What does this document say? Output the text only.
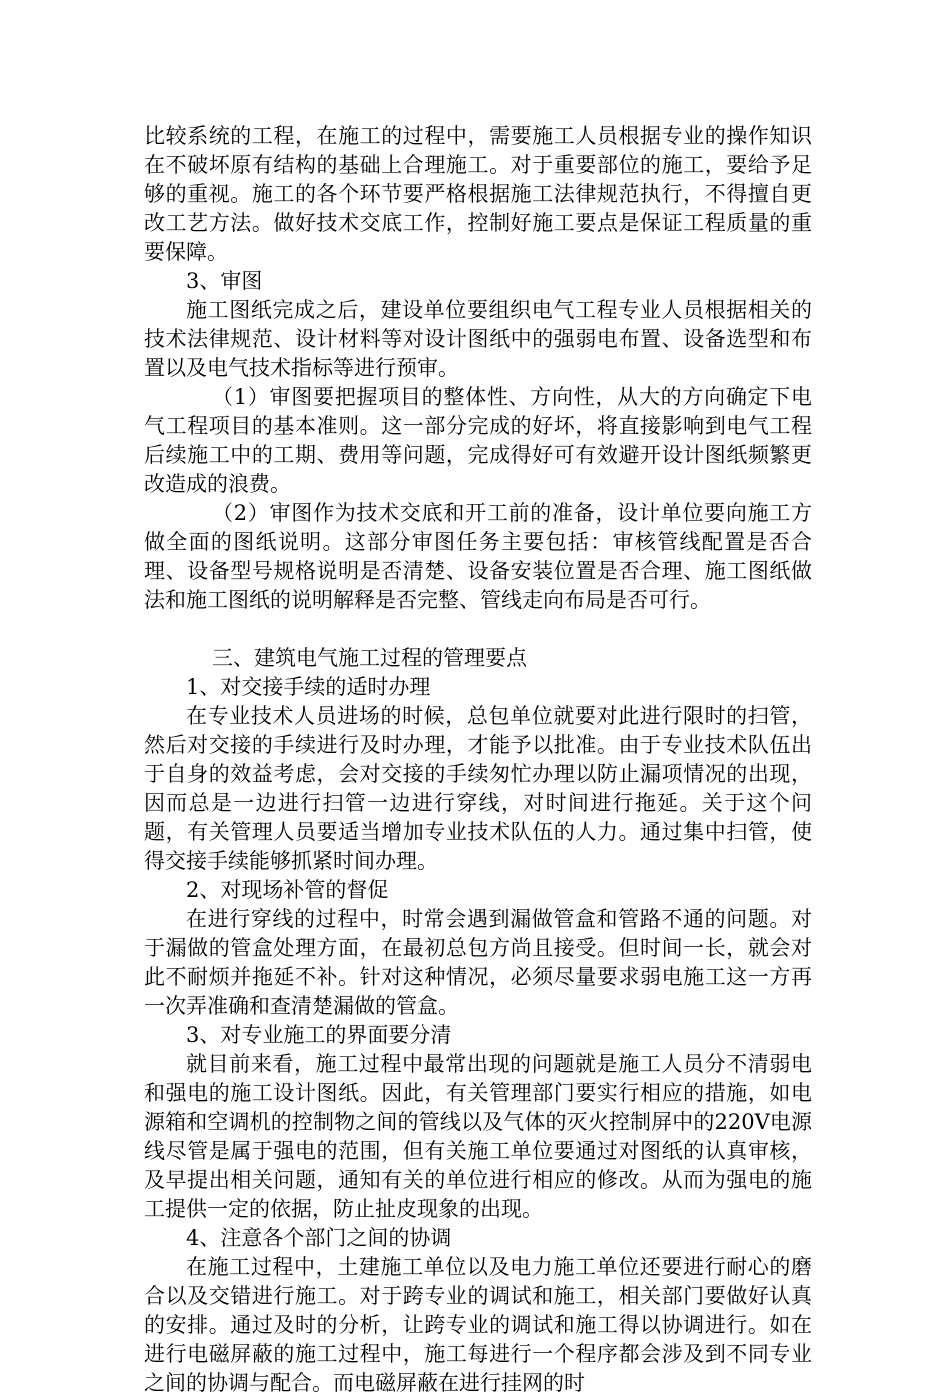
比较系统的工程，在施工的过程中，需要施工人员根据专业的操作知识在不破坏原有结构的基础上合理施工。对于重要部位的施工，要给予足够的重视。施工的各个环节要严格根据施工法律规范执行，不得擅自更改工艺方法。做好技术交底工作，控制好施工要点是保证工程质量的重要保障。

3、审图

施工图纸完成之后，建设单位要组织电气工程专业人员根据相关的技术法律规范、设计材料等对设计图纸中的强弱电布置、设备选型和布置以及电气技术指标等进行预审。

（1）审图要把握项目的整体性、方向性，从大的方向确定下电气工程项目的基本准则。这一部分完成的好坏，将直接影响到电气工程后续施工中的工期、费用等问题，完成得好可有效避开设计图纸频繁更改造成的浪费。

（2）审图作为技术交底和开工前的准备，设计单位要向施工方做全面的图纸说明。这部分审图任务主要包括：审核管线配置是否合理、设备型号规格说明是否清楚、设备安装位置是否合理、施工图纸做法和施工图纸的说明解释是否完整、管线走向布局是否可行。

三、建筑电气施工过程的管理要点

1、对交接手续的适时办理

在专业技术人员进场的时候，总包单位就要对此进行限时的扫管，然后对交接的手续进行及时办理，才能予以批准。由于专业技术队伍出于自身的效益考虑，会对交接的手续匆忙办理以防止漏项情况的出现，因而总是一边进行扫管一边进行穿线，对时间进行拖延。关于这个问题，有关管理人员要适当增加专业技术队伍的人力。通过集中扫管，使得交接手续能够抓紧时间办理。

2、对现场补管的督促

在进行穿线的过程中，时常会遇到漏做管盒和管路不通的问题。对于漏做的管盒处理方面，在最初总包方尚且接受。但时间一长，就会对此不耐烦并拖延不补。针对这种情况，必须尽量要求弱电施工这一方再一次弄准确和查清楚漏做的管盒。

3、对专业施工的界面要分清

就目前来看，施工过程中最常出现的问题就是施工人员分不清弱电和强电的施工设计图纸。因此，有关管理部门要实行相应的措施，如电源箱和空调机的控制物之间的管线以及气体的灭火控制屏中的220V电源线尽管是属于强电的范围，但有关施工单位要通过对图纸的认真审核，及早提出相关问题，通知有关的单位进行相应的修改。从而为强电的施工提供一定的依据，防止扯皮现象的出现。

4、注意各个部门之间的协调

在施工过程中，土建施工单位以及电力施工单位还要进行耐心的磨合以及交错进行施工。对于跨专业的调试和施工，相关部门要做好认真的安排。通过及时的分析，让跨专业的调试和施工得以协调进行。如在进行电磁屏蔽的施工过程中，施工每进行一个程序都会涉及到不同专业之间的协调与配合。而电磁屏蔽在进行挂网的时
